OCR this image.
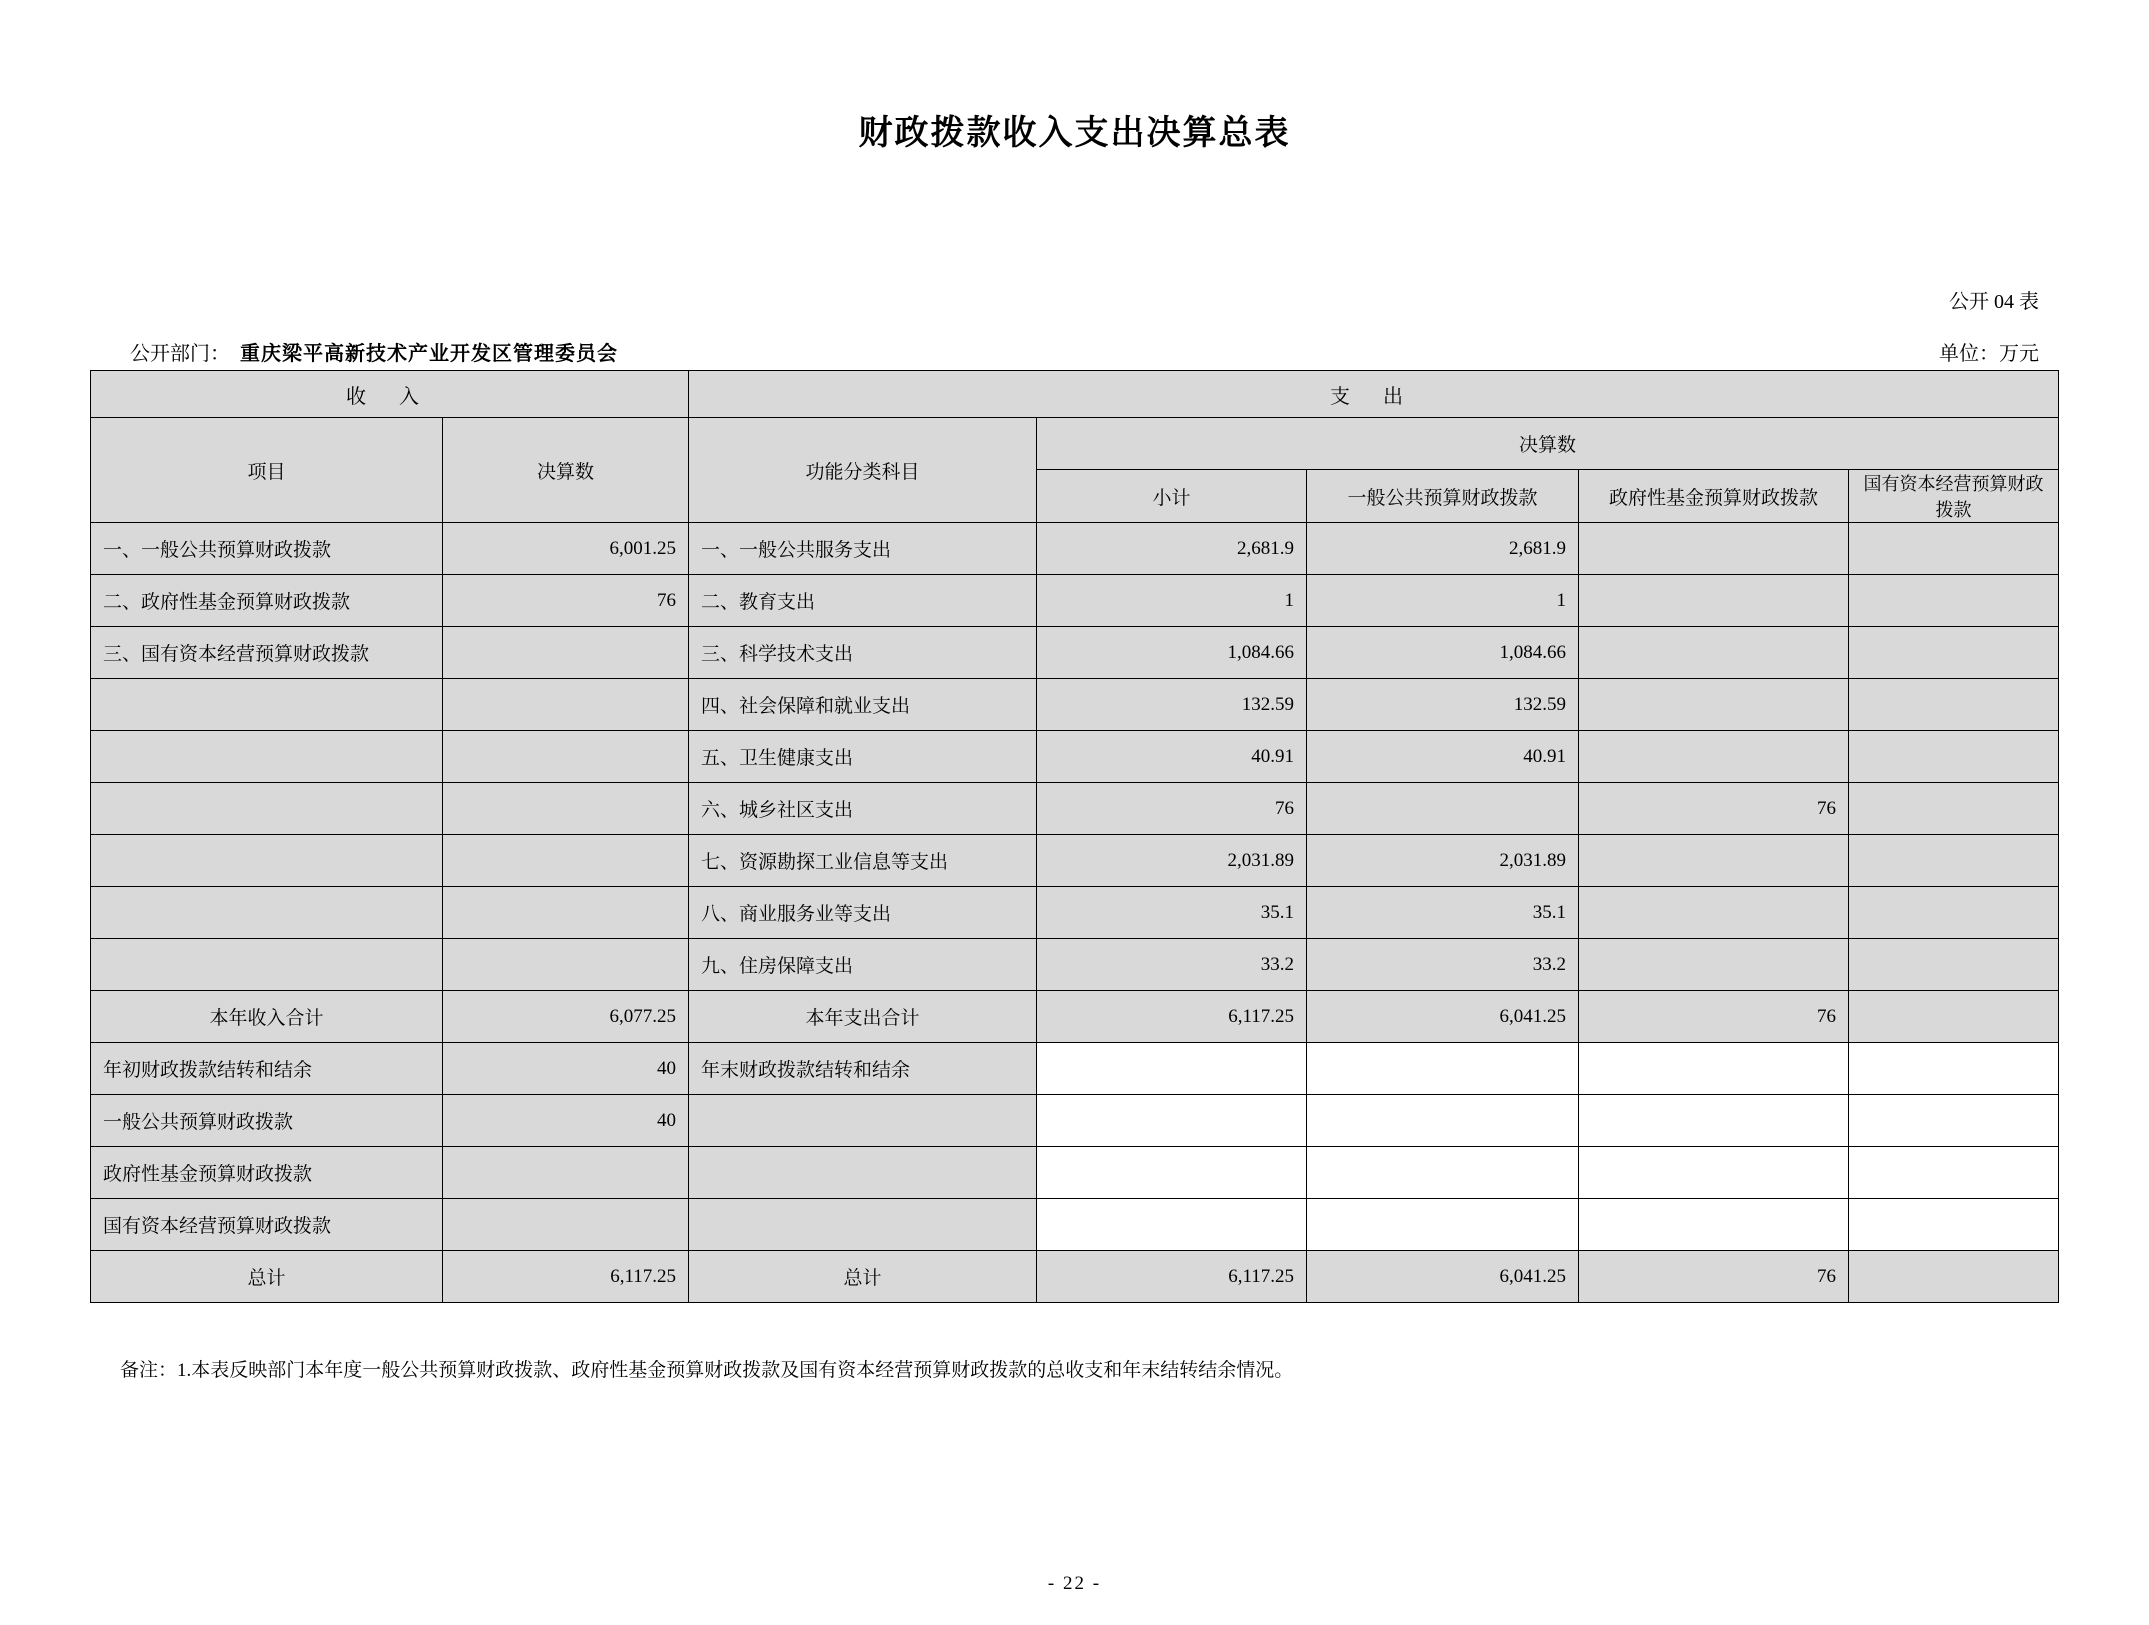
财政拨款收入支出决算总表
公开 04 表
公开部门： 重庆梁平高新技术产业开发区管理委员会	单位：万元
收 入		支 出				
项目	决算数	功能分类科目	决算数			
			小计	一般公共预算财政拨款	政府性基金预算财政拨款	国有资本经营预算财政拨款
一、一般公共预算财政拨款	6,001.25	一、一般公共服务支出	2,681.9	2,681.9		
二、政府性基金预算财政拨款	76	二、教育支出	1	1		
三、国有资本经营预算财政拨款		三、科学技术支出	1,084.66	1,084.66		
		四、社会保障和就业支出	132.59	132.59		
		五、卫生健康支出	40.91	40.91		
		六、城乡社区支出	76		76	
		七、资源勘探工业信息等支出	2,031.89	2,031.89		
		八、商业服务业等支出	35.1	35.1		
		九、住房保障支出	33.2	33.2		
本年收入合计	6,077.25	本年支出合计	6,117.25	6,041.25	76	
年初财政拨款结转和结余	40	年末财政拨款结转和结余				
一般公共预算财政拨款	40					
政府性基金预算财政拨款						
国有资本经营预算财政拨款						
总计	6,117.25	总计	6,117.25	6,041.25	76	
备注：1.本表反映部门本年度一般公共预算财政拨款、政府性基金预算财政拨款及国有资本经营预算财政拨款的总收支和年末结转结余情况。
- 22 -
